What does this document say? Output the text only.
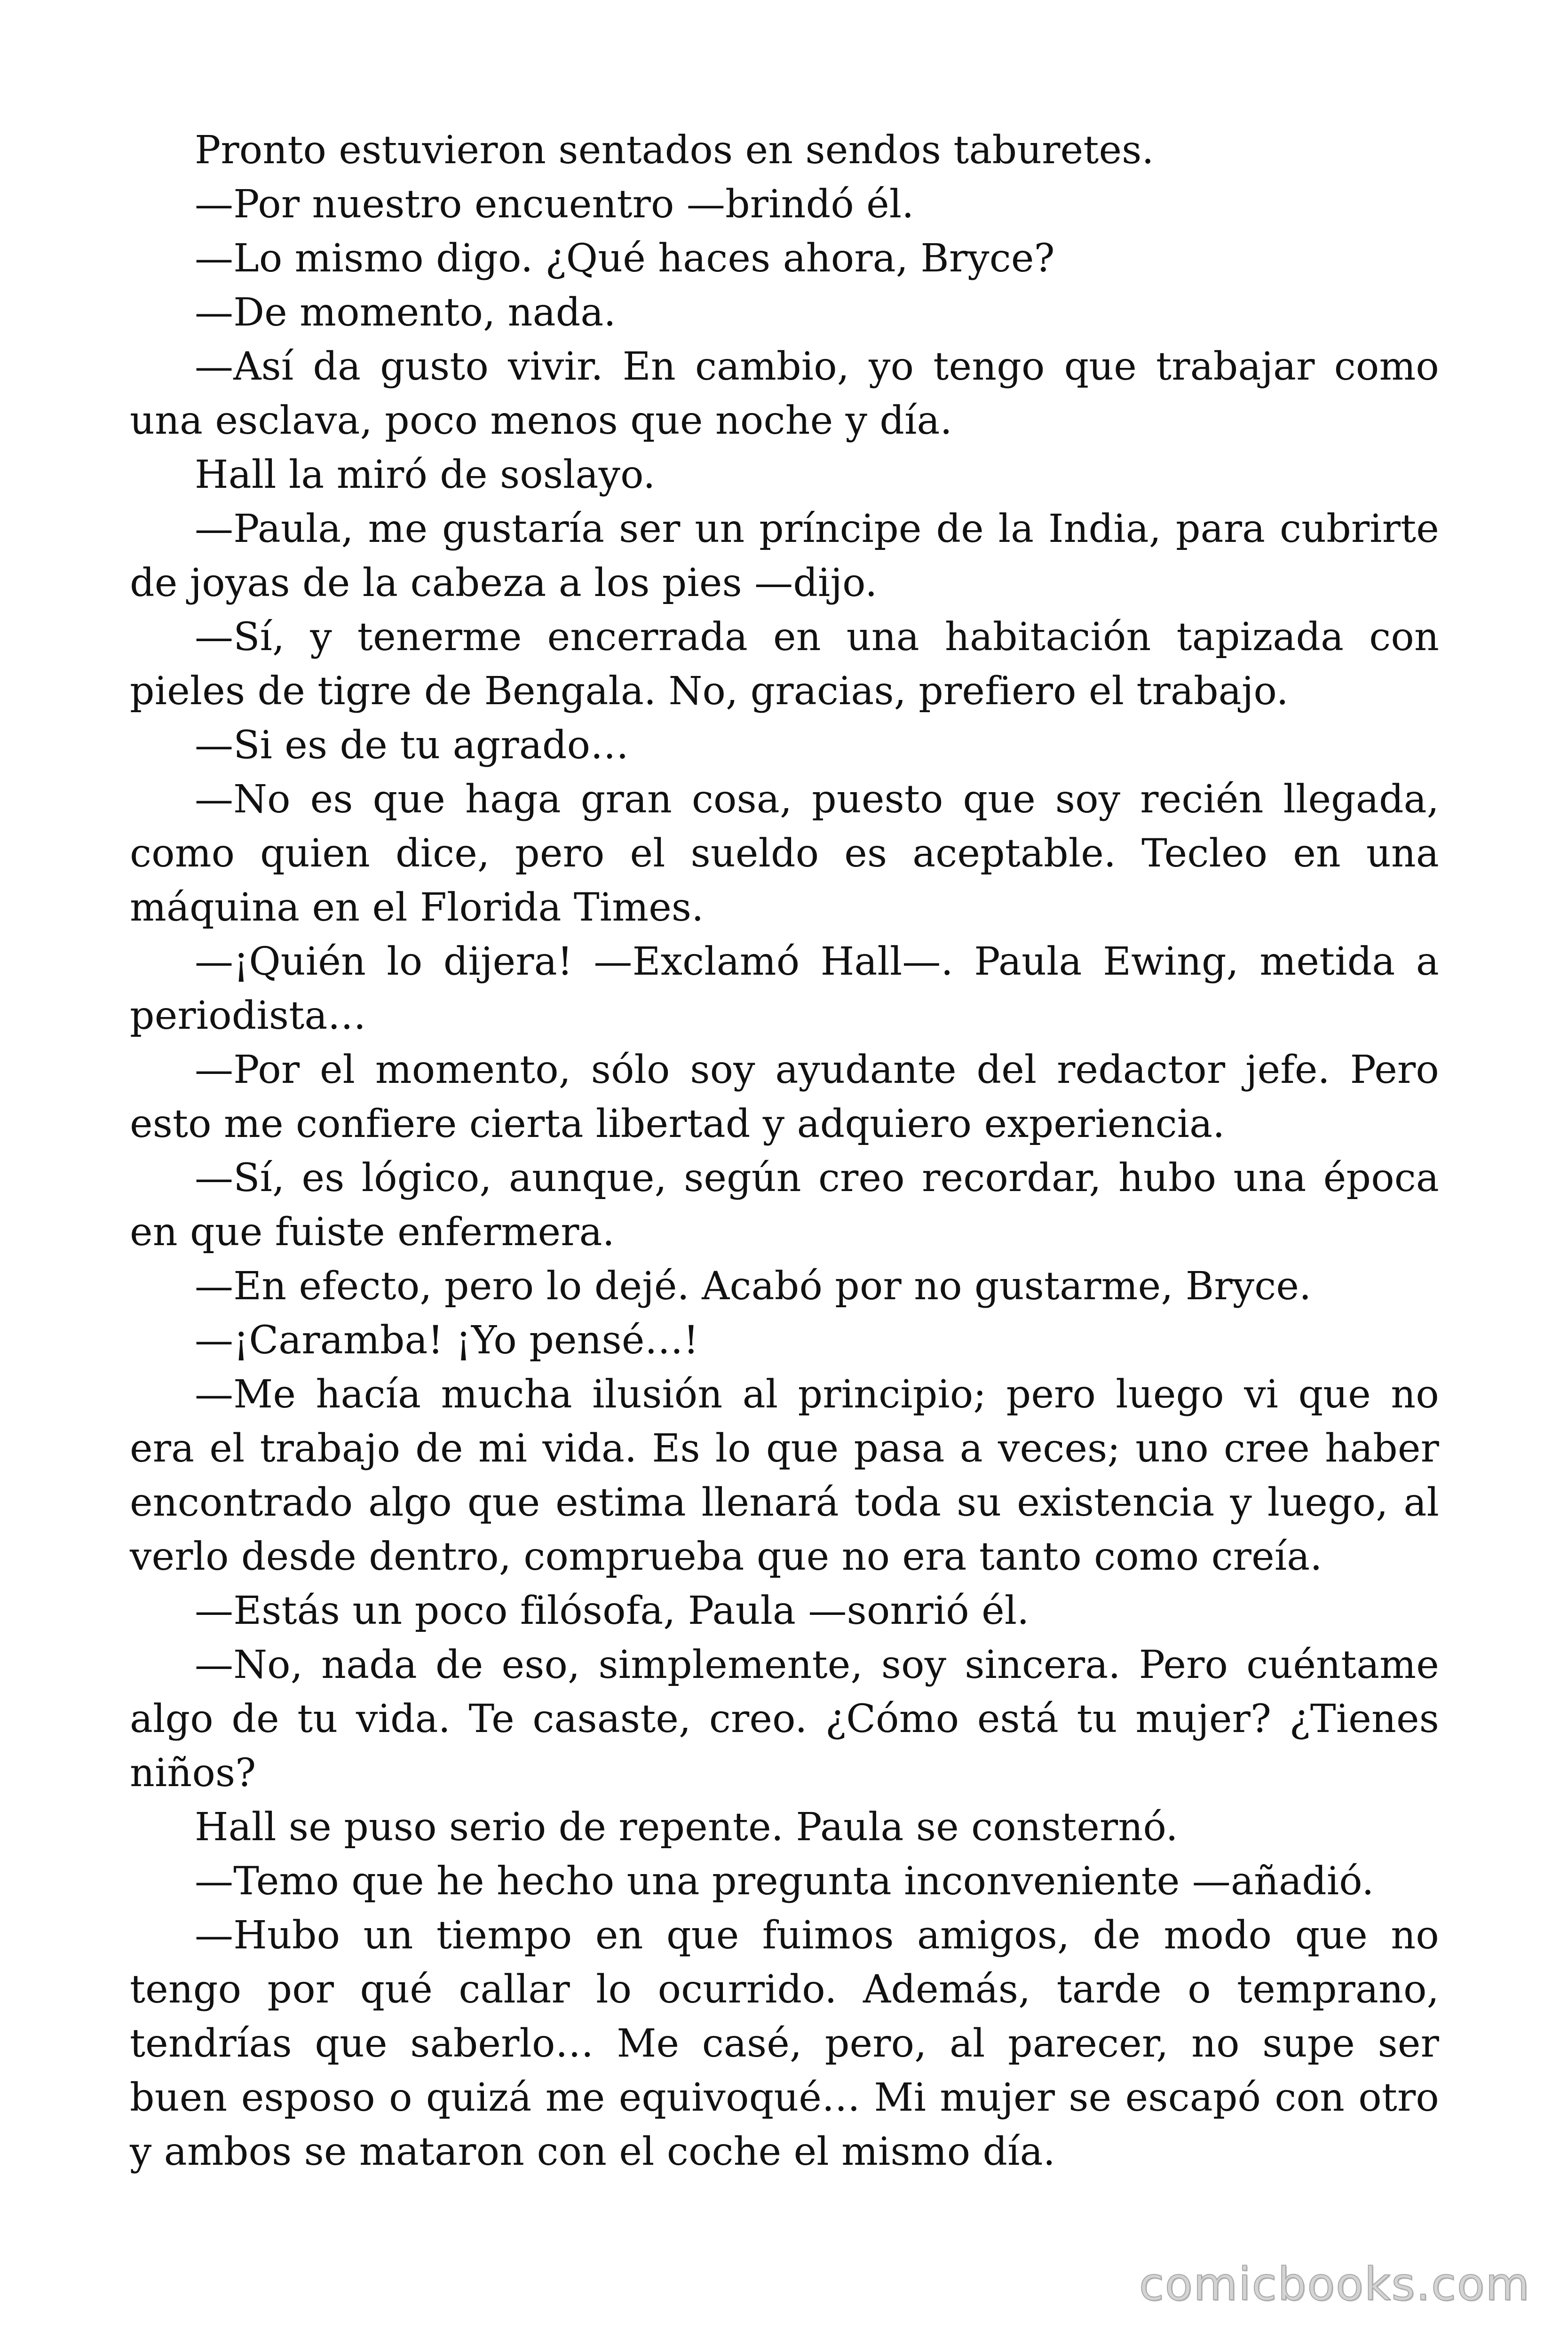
Pronto estuvieron sentados en sendos taburetes.

—Por nuestro encuentro —brindó él.

—Lo mismo digo. ¿Qué haces ahora, Bryce?

—De momento, nada.

—Así da gusto vivir. En cambio, yo tengo que trabajar como una esclava, poco menos que noche y día.

Hall la miró de soslayo.

—Paula, me gustaría ser un príncipe de la India, para cubrirte de joyas de la cabeza a los pies —dijo.

—Sí, y tenerme encerrada en una habitación tapizada con pieles de tigre de Bengala. No, gracias, prefiero el trabajo.

—Si es de tu agrado…

—No es que haga gran cosa, puesto que soy recién llegada, como quien dice, pero el sueldo es aceptable. Tecleo en una máquina en el Florida Times.

—¡Quién lo dijera! —Exclamó Hall—. Paula Ewing, metida a periodista…

—Por el momento, sólo soy ayudante del redactor jefe. Pero esto me confiere cierta libertad y adquiero experiencia.

—Sí, es lógico, aunque, según creo recordar, hubo una época en que fuiste enfermera.

—En efecto, pero lo dejé. Acabó por no gustarme, Bryce.

—¡Caramba! ¡Yo pensé…!

—Me hacía mucha ilusión al principio; pero luego vi que no era el trabajo de mi vida. Es lo que pasa a veces; uno cree haber encontrado algo que estima llenará toda su existencia y luego, al verlo desde dentro, comprueba que no era tanto como creía.

—Estás un poco filósofa, Paula —sonrió él.

—No, nada de eso, simplemente, soy sincera. Pero cuéntame algo de tu vida. Te casaste, creo. ¿Cómo está tu mujer? ¿Tienes niños?

Hall se puso serio de repente. Paula se consternó.

—Temo que he hecho una pregunta inconveniente —añadió.

—Hubo un tiempo en que fuimos amigos, de modo que no tengo por qué callar lo ocurrido. Además, tarde o temprano, tendrías que saberlo… Me casé, pero, al parecer, no supe ser buen esposo o quizá me equivoqué… Mi mujer se escapó con otro y ambos se mataron con el coche el mismo día.

comicbooks.com
